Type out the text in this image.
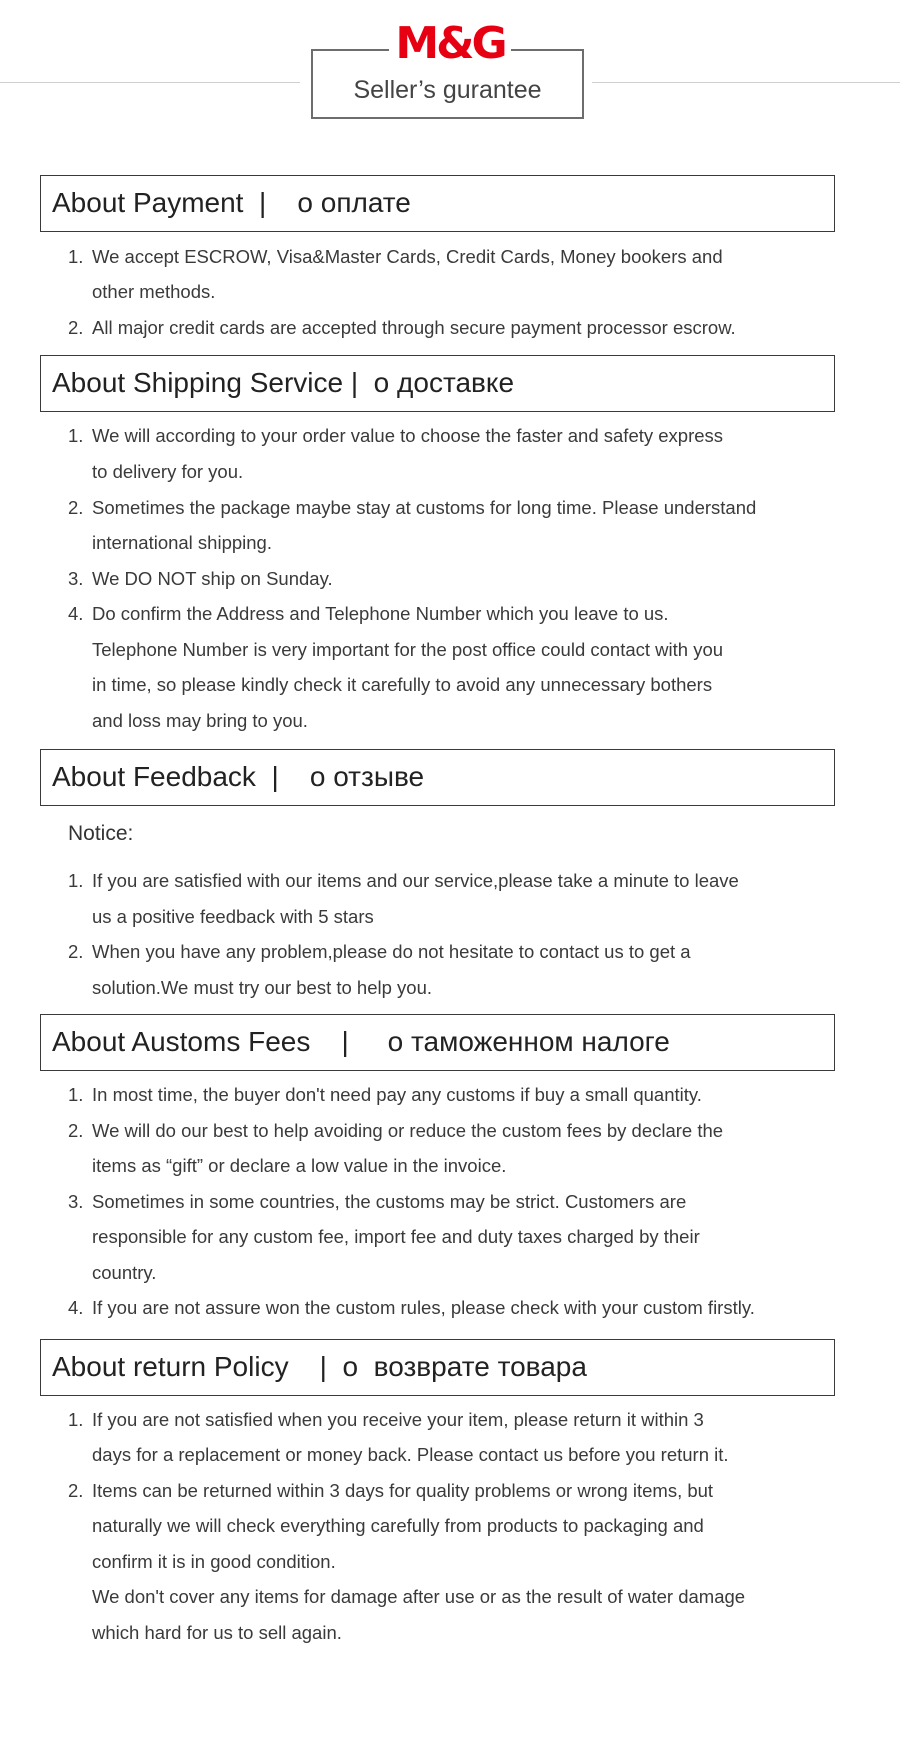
M&G
Seller’s gurantee
About Payment  |    о оплате
1. We accept ESCROW, Visa&Master Cards, Credit Cards, Money bookers and
other methods.
2. All major credit cards are accepted through secure payment processor escrow.
About Shipping Service |  о доставке
1. We will according to your order value to choose the faster and safety express
to delivery for you.
2. Sometimes the package maybe stay at customs for long time. Please understand
international shipping.
3. We DO NOT ship on Sunday.
4. Do confirm the Address and Telephone Number which you leave to us.
Telephone Number is very important for the post office could contact with you
in time, so please kindly check it carefully to avoid any unnecessary bothers
and loss may bring to you.
About Feedback  |    о отзыве
Notice:
1. If you are satisfied with our items and our service,please take a minute to leave
us a positive feedback with 5 stars
2. When you have any problem,please do not hesitate to contact us to get a
solution.We must try our best to help you.
About Austoms Fees    |     о таможенном налоге
1. In most time, the buyer don't need pay any customs if buy a small quantity.
2. We will do our best to help avoiding or reduce the custom fees by declare the
items as “gift” or declare a low value in the invoice.
3. Sometimes in some countries, the customs may be strict. Customers are
responsible for any custom fee, import fee and duty taxes charged by their
country.
4. If you are not assure won the custom rules, please check with your custom firstly.
About return Policy    |  о  возврате товара
1. If you are not satisfied when you receive your item, please return it within 3
days for a replacement or money back. Please contact us before you return it.
2. Items can be returned within 3 days for quality problems or wrong items, but
naturally we will check everything carefully from products to packaging and
confirm it is in good condition.
We don't cover any items for damage after use or as the result of water damage
which hard for us to sell again.
